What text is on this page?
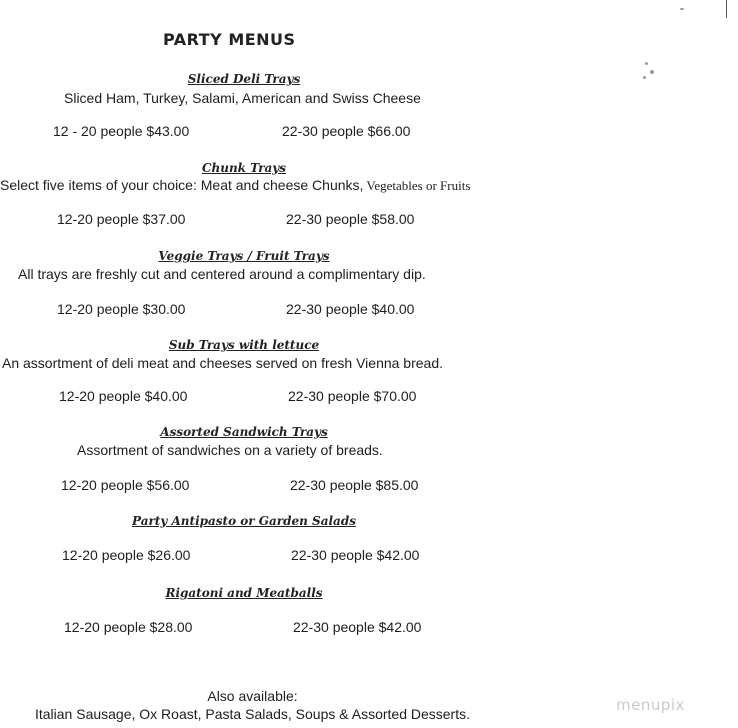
PARTY MENUS
Sliced Deli Trays
Sliced Ham, Turkey, Salami, American and Swiss Cheese
12 - 20 people $43.00	22-30 people $66.00
Chunk Trays
Select five items of your choice: Meat and cheese Chunks, Vegetables or Fruits
12-20 people $37.00	22-30 people $58.00
Veggie Trays / Fruit Trays
All trays are freshly cut and centered around a complimentary dip.
12-20 people $30.00	22-30 people $40.00
Sub Trays with lettuce
An assortment of deli meat and cheeses served on fresh Vienna bread.
12-20 people $40.00	22-30 people $70.00
Assorted Sandwich Trays
Assortment of sandwiches on a variety of breads.
12-20 people $56.00	22-30 people $85.00
Party Antipasto or Garden Salads
12-20 people $26.00	22-30 people $42.00
Rigatoni and Meatballs
12-20 people $28.00	22-30 people $42.00
Also available:
Italian Sausage, Ox Roast, Pasta Salads, Soups & Assorted Desserts.	menupix
